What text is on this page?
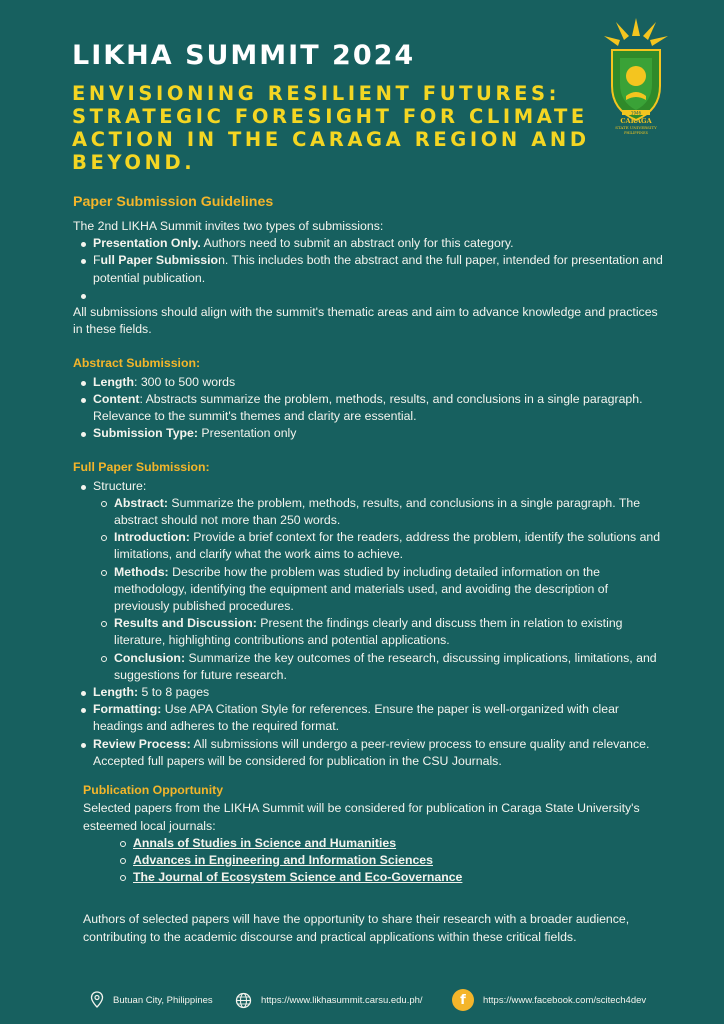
LIKHA SUMMIT 2024
ENVISIONING RESILIENT FUTURES: STRATEGIC FORESIGHT FOR CLIMATE ACTION IN THE CARAGA REGION AND BEYOND.
1946
CARAGA
STATE UNIVERSITY
PHILIPPINES
Paper Submission Guidelines

The 2nd LIKHA Summit invites two types of submissions:

Presentation Only. Authors need to submit an abstract only for this category.
Full Paper Submission. This includes both the abstract and the full paper, intended for presentation and potential publication.

All submissions should align with the summit's thematic areas and aim to advance knowledge and practices in these fields.

Abstract Submission:
Length: 300 to 500 words
Content: Abstracts summarize the problem, methods, results, and conclusions in a single paragraph. Relevance to the summit's themes and clarity are essential.
Submission Type: Presentation only
Full Paper Submission:
Structure:
Abstract: Summarize the problem, methods, results, and conclusions in a single paragraph. The abstract should not more than 250 words.
Introduction: Provide a brief context for the readers, address the problem, identify the solutions and limitations, and clarify what the work aims to achieve.
Methods: Describe how the problem was studied by including detailed information on the methodology, identifying the equipment and materials used, and avoiding the description of previously published procedures.
Results and Discussion: Present the findings clearly and discuss them in relation to existing literature, highlighting contributions and potential applications.
Conclusion: Summarize the key outcomes of the research, discussing implications, limitations, and suggestions for future research.
Length: 5 to 8 pages
Formatting: Use APA Citation Style for references. Ensure the paper is well-organized with clear headings and adheres to the required format.
Review Process: All submissions will undergo a peer-review process to ensure quality and relevance. Accepted full papers will be considered for publication in the CSU Journals.
Publication Opportunity

Selected papers from the LIKHA Summit will be considered for publication in Caraga State University's esteemed local journals:

Annals of Studies in Science and Humanities
Advances in Engineering and Information Sciences
The Journal of Ecosystem Science and Eco-Governance

Authors of selected papers will have the opportunity to share their research with a broader audience, contributing to the academic discourse and practical applications within these critical fields.

Butuan City, Philippines	https://www.likhasummit.carsu.edu.ph/	f	https://www.facebook.com/scitech4dev
